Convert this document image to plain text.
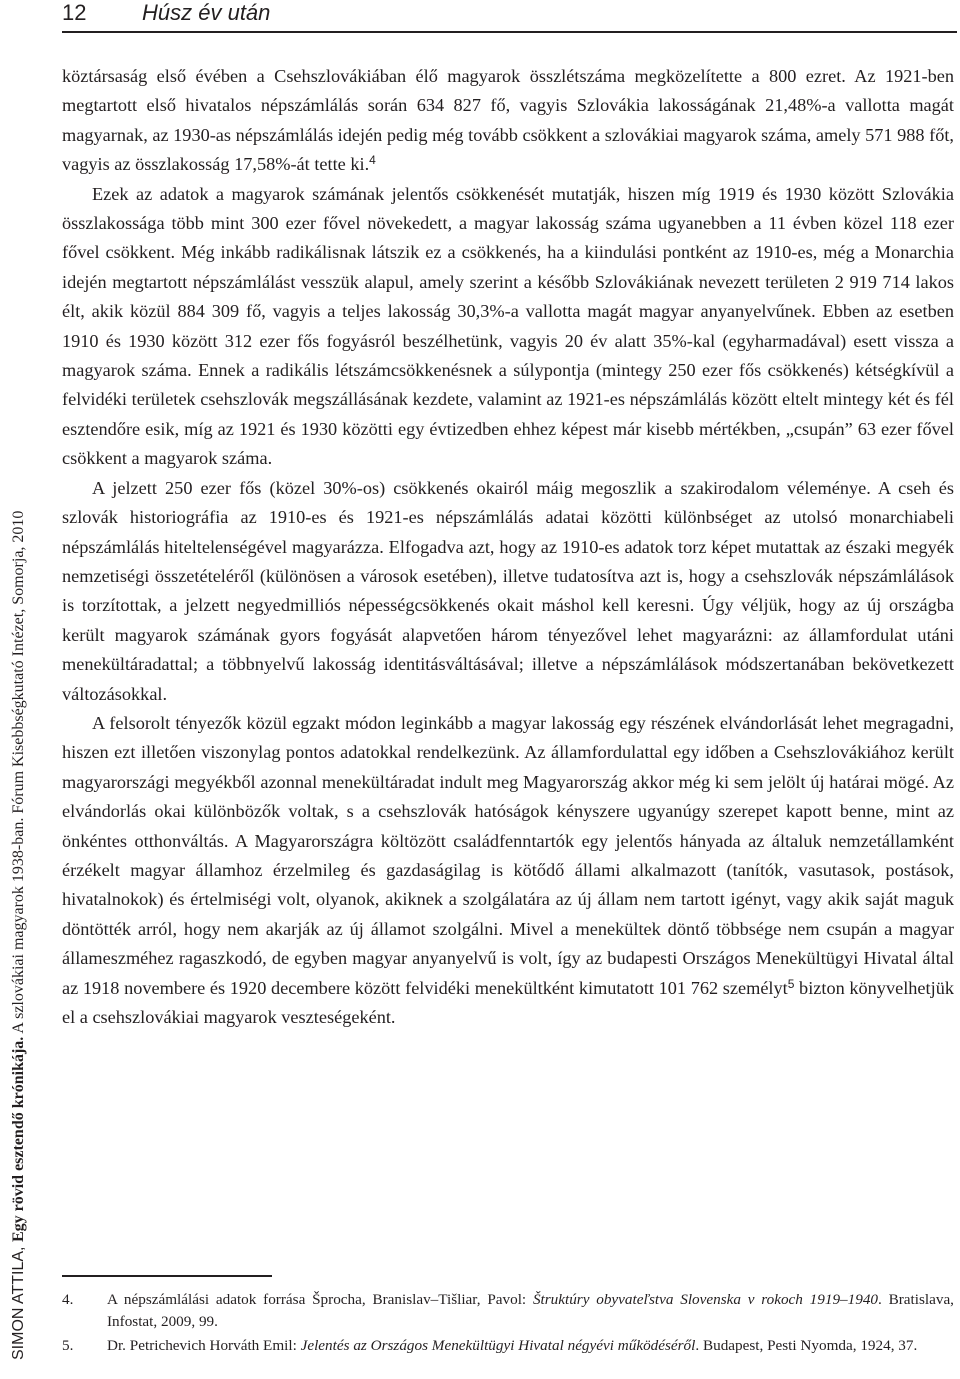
12	Húsz év után
SIMON ATTILA, Egy rövid esztendő krónikája. A szlovákiai magyarok 1938-ban. Fórum Kisebbségkutató Intézet, Somorja, 2010

köztársaság első évében a Csehszlovákiában élő magyarok összlétszáma megközelítette a 800 ezret. Az 1921-ben megtartott első hivatalos népszámlálás során 634 827 fő, vagyis Szlovákia lakosságának 21,48%-a vallotta magát magyarnak, az 1930-as népszámlálás idején pedig még tovább csökkent a szlovákiai magyarok száma, amely 571 988 főt, vagyis az összlakosság 17,58%-át tette ki.$^4$

Ezek az adatok a magyarok számának jelentős csökkenését mutatják, hiszen míg 1919 és 1930 között Szlovákia összlakossága több mint 300 ezer fővel növekedett, a magyar lakosság száma ugyanebben a 11 évben közel 118 ezer fővel csökkent. Még inkább radikálisnak látszik ez a csökkenés, ha a kiindulási pontként az 1910-es, még a Monarchia idején megtartott népszámlálást vesszük alapul, amely szerint a később Szlovákiának nevezett területen 2 919 714 lakos élt, akik közül 884 309 fő, vagyis a teljes lakosság 30,3%-a vallotta magát magyar anyanyelvűnek. Ebben az esetben 1910 és 1930 között 312 ezer fős fogyásról beszélhetünk, vagyis 20 év alatt 35%-kal (egyharmadával) esett vissza a magyarok száma. Ennek a radikális létszámcsökkenésnek a súlypontja (mintegy 250 ezer fős csökkenés) kétségkívül a felvidéki területek csehszlovák megszállásának kezdete, valamint az 1921-es népszámlálás között eltelt mintegy két és fél esztendőre esik, míg az 1921 és 1930 közötti egy évtizedben ehhez képest már kisebb mértékben, „csupán” 63 ezer fővel csökkent a magyarok száma.

A jelzett 250 ezer fős (közel 30%-os) csökkenés okairól máig megoszlik a szakirodalom véleménye. A cseh és szlovák historiográfia az 1910-es és 1921-es népszámlálás adatai közötti különbséget az utolsó monarchiabeli népszámlálás hiteltelenségével magyarázza. Elfogadva azt, hogy az 1910-es adatok torz képet mutattak az északi megyék nemzetiségi összetételéről (különösen a városok esetében), illetve tudatosítva azt is, hogy a csehszlovák népszámlálások is torzítottak, a jelzett negyedmilliós népességcsökkenés okait máshol kell keresni. Úgy véljük, hogy az új országba került magyarok számának gyors fogyását alapvetően három tényezővel lehet magyarázni: az államfordulat utáni menekültáradattal; a többnyelvű lakosság identitásváltásával; illetve a népszámlálások módszertanában bekövetkezett változásokkal.

A felsorolt tényezők közül egzakt módon leginkább a magyar lakosság egy részének elvándorlását lehet megragadni, hiszen ezt illetően viszonylag pontos adatokkal rendelkezünk. Az államfordulattal egy időben a Csehszlovákiához került magyarországi megyékből azonnal menekültáradat indult meg Magyarország akkor még ki sem jelölt új határai mögé. Az elvándorlás okai különbözők voltak, s a csehszlovák hatóságok kényszere ugyanúgy szerepet kapott benne, mint az önkéntes otthonváltás. A Magyarországra költözött családfenntartók egy jelentős hányada az általuk nemzetállamként érzékelt magyar államhoz érzelmileg és gazdaságilag is kötődő állami alkalmazott (tanítók, vasutasok, postások, hivatalnokok) és értelmiségi volt, olyanok, akiknek a szolgálatára az új állam nem tartott igényt, vagy akik saját maguk döntötték arról, hogy nem akarják az új államot szolgálni. Mivel a menekültek döntő többsége nem csupán a magyar állameszméhez ragaszkodó, de egyben magyar anyanyelvű is volt, így az budapesti Országos Menekültügyi Hivatal által az 1918 novembere és 1920 decembere között felvidéki menekültként kimutatott 101 762 személyt$^5$ bizton könyvelhetjük el a csehszlovákiai magyarok veszteségeként.

4. A népszámlálási adatok forrása Šprocha, Branislav–Tišliar, Pavol: Štruktúry obyvateľstva Slovenska v rokoch 1919–1940. Bratislava, Infostat, 2009, 99.
5. Dr. Petrichevich Horváth Emil: Jelentés az Országos Menekültügyi Hivatal négyévi működéséről. Budapest, Pesti Nyomda, 1924, 37.
